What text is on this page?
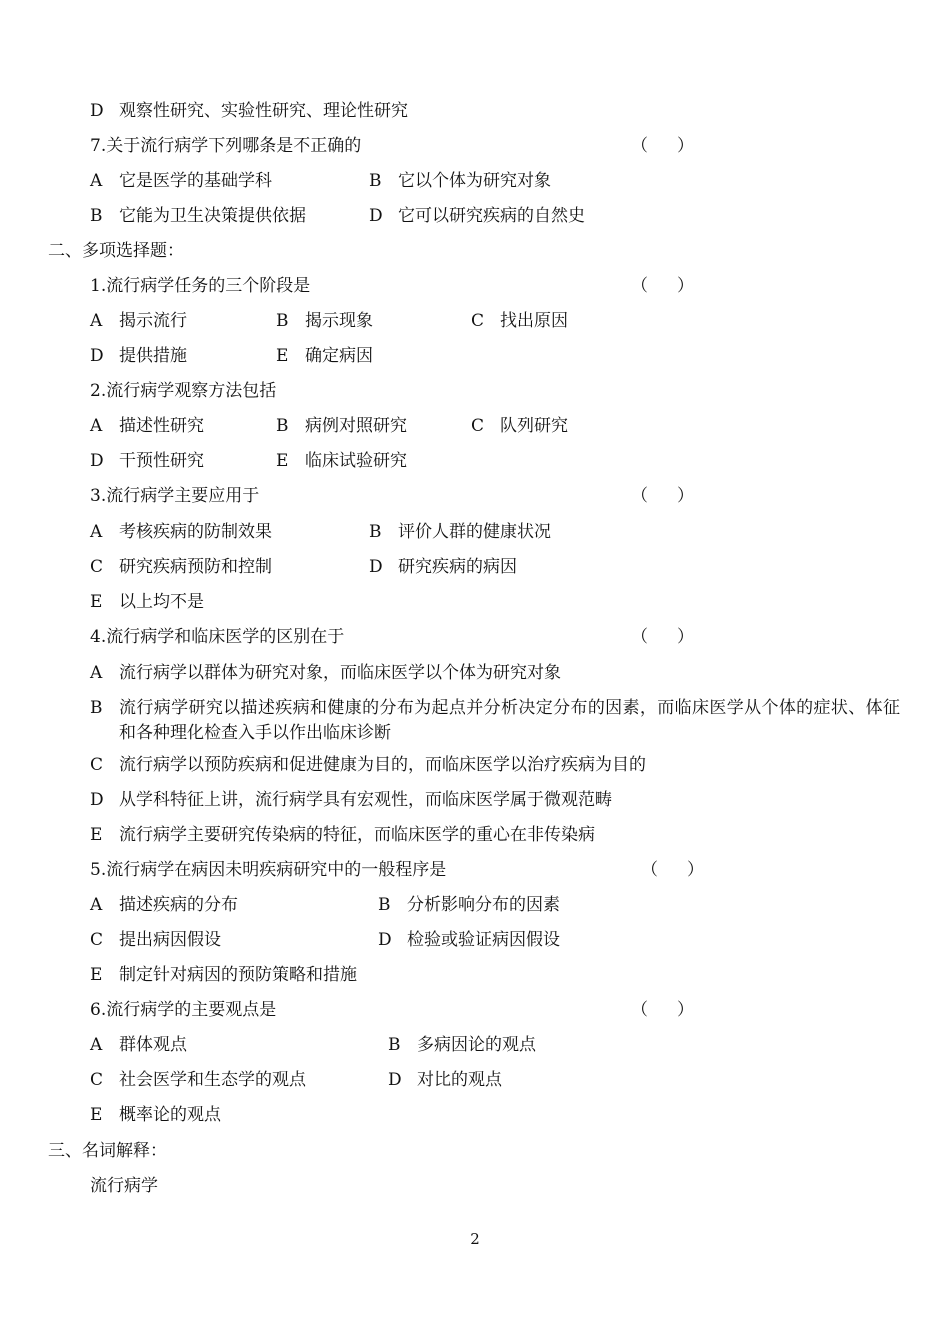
D 观察性研究、实验性研究、理论性研究
7.关于流行病学下列哪条是不正确的	（ ）
A 它是医学的基础学科	B 它以个体为研究对象
B 它能为卫生决策提供依据	D 它可以研究疾病的自然史
二、多项选择题：
1.流行病学任务的三个阶段是	（ ）
A 揭示流行	B 揭示现象	C 找出原因
D 提供措施	E 确定病因
2.流行病学观察方法包括
A 描述性研究	B 病例对照研究	C 队列研究
D 干预性研究	E 临床试验研究
3.流行病学主要应用于	（ ）
A 考核疾病的防制效果	B 评价人群的健康状况
C 研究疾病预防和控制	D 研究疾病的病因
E 以上均不是
4.流行病学和临床医学的区别在于	（ ）
A 流行病学以群体为研究对象，而临床医学以个体为研究对象
B 流行病学研究以描述疾病和健康的分布为起点并分析决定分布的因素，而临床医学从个体的症状、体征和各种理化检查入手以作出临床诊断
C 流行病学以预防疾病和促进健康为目的，而临床医学以治疗疾病为目的
D 从学科特征上讲，流行病学具有宏观性，而临床医学属于微观范畴
E 流行病学主要研究传染病的特征，而临床医学的重心在非传染病
5.流行病学在病因未明疾病研究中的一般程序是	（ ）
A 描述疾病的分布	B 分析影响分布的因素
C 提出病因假设	D 检验或验证病因假设
E 制定针对病因的预防策略和措施
6.流行病学的主要观点是	（ ）
A 群体观点	B 多病因论的观点
C 社会医学和生态学的观点	D 对比的观点
E 概率论的观点
三、名词解释：
流行病学
2
